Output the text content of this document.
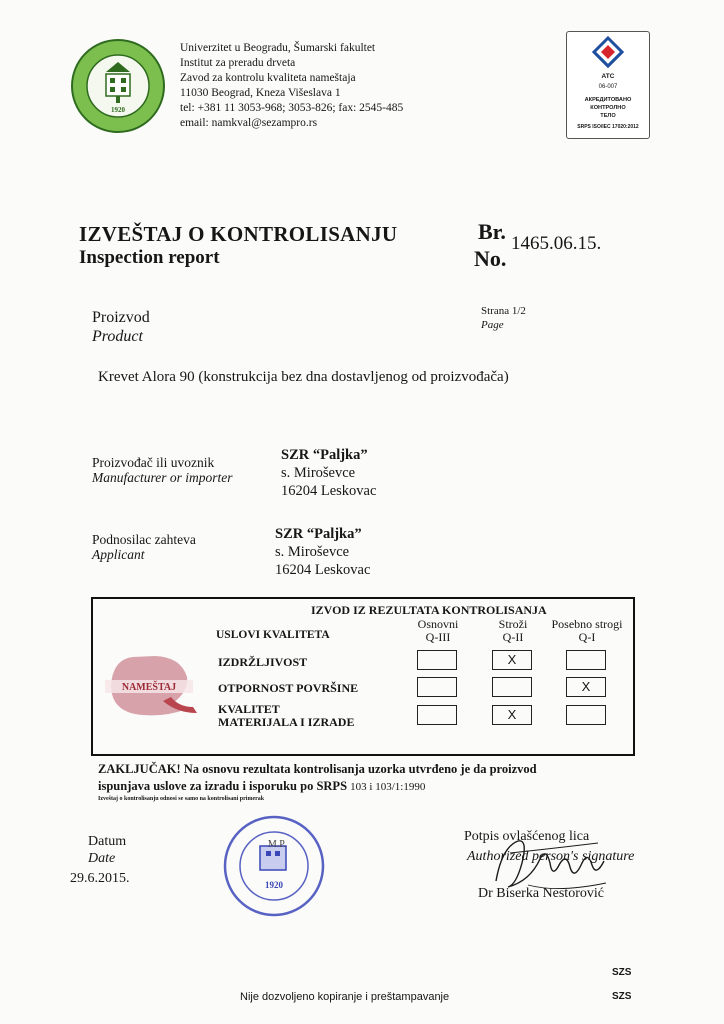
1920
Univerzitet u Beogradu, Šumarski fakultet
Institut za preradu drveta
Zavod za kontrolu kvaliteta nameštaja
11030 Beograd, Kneza Višeslava 1
tel: +381 11 3053-968; 3053-826; fax: 2545-485
email: namkval@sezampro.rs
ATC
06-007
АКРЕДИТОВАНО
КОНТРОЛНО
ТЕЛО
SRPS ISO/IEC 17020:2012
IZVEŠTAJ O KONTROLISANJU
Inspection report
Br.
No.
1465.06.15.
Strana 1/2
Page
Proizvod
Product
Krevet Alora 90 (konstrukcija bez dna dostavljenog od proizvođača)
Proizvođač ili uvoznik
Manufacturer or importer
SZR “Paljka”
s. Miroševce
16204 Leskovac
Podnosilac zahteva
Applicant
SZR “Paljka”
s. Miroševce
16204 Leskovac
IZVOD IZ REZULTATA KONTROLISANJA
USLOVI KVALITETA
Osnovni
Q-III
Stroži
Q-II
Posebno strogi
Q-I
NAMEŠTAJ
IZDRŽLJIVOST
OTPORNOST POVRŠINE
KVALITET
MATERIJALA I IZRADE
X
X
X
ZAKLJUČAK! Na osnovu rezultata kontrolisanja uzorka utvrđeno je da proizvod
ispunjava uslove za izradu i isporuku po SRPS 103 i 103/1:1990
Izveštaj o kontrolisanju odnosi se samo na kontrolisani primerak
Datum
Date
29.6.2015.
M.P.
1920
Potpis ovlašćenog lica
Authorized person's signature
Dr Biserka Nestorović
SZS
SZS
Nije dozvoljeno kopiranje i preštampavanje
